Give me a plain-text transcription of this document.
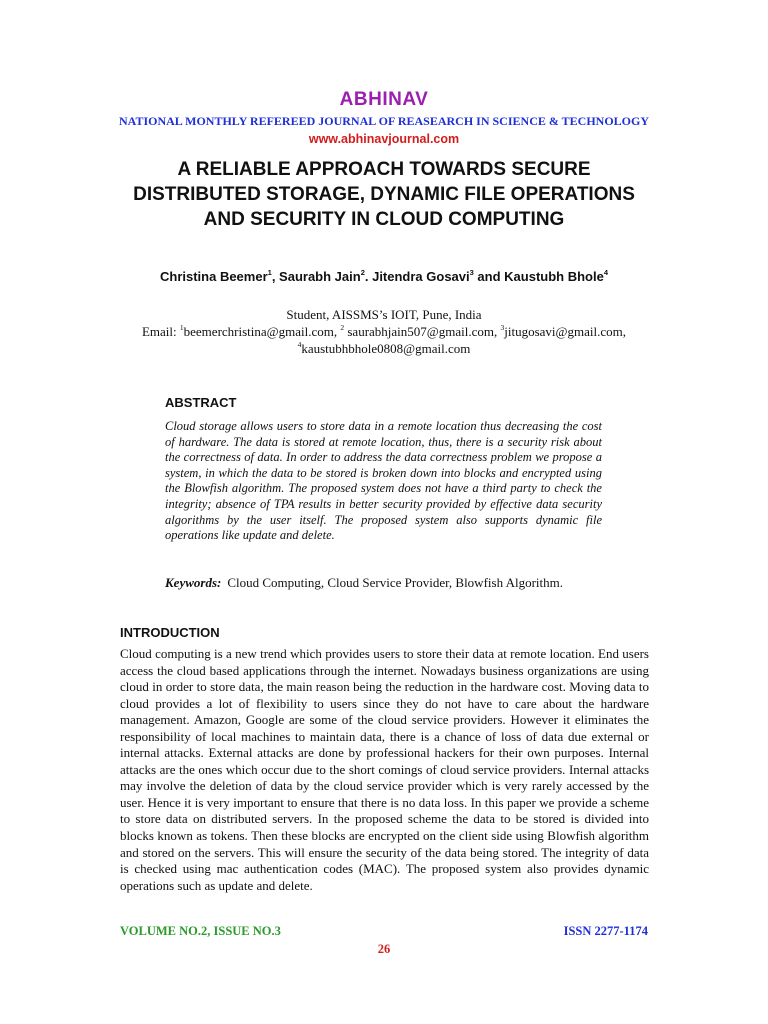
ABHINAV
NATIONAL MONTHLY REFEREED JOURNAL OF REASEARCH IN SCIENCE & TECHNOLOGY
www.abhinavjournal.com
A RELIABLE APPROACH TOWARDS SECURE DISTRIBUTED STORAGE, DYNAMIC FILE OPERATIONS AND SECURITY IN CLOUD COMPUTING
Christina Beemer$^1$, Saurabh Jain$^2$. Jitendra Gosavi$^3$ and Kaustubh Bhole$^4$
Student, AISSMS’s IOIT, Pune, India
Email: $^1$beemerchristina@gmail.com, $^2$ saurabhjain507@gmail.com, $^3$jitugosavi@gmail.com,
$^4$kaustubhbhole0808@gmail.com
ABSTRACT
Cloud storage allows users to store data in a remote location thus decreasing the cost of hardware. The data is stored at remote location, thus, there is a security risk about the correctness of data. In order to address the data correctness problem we propose a system, in which the data to be stored is broken down into blocks and encrypted using the Blowfish algorithm. The proposed system does not have a third party to check the integrity; absence of TPA results in better security provided by effective data security algorithms by the user itself. The proposed system also supports dynamic file operations like update and delete.
Keywords: Cloud Computing, Cloud Service Provider, Blowfish Algorithm.
INTRODUCTION
Cloud computing is a new trend which provides users to store their data at remote location. End users access the cloud based applications through the internet. Nowadays business organizations are using cloud in order to store data, the main reason being the reduction in the hardware cost. Moving data to cloud provides a lot of flexibility to users since they do not have to care about the hardware management. Amazon, Google are some of the cloud service providers. However it eliminates the responsibility of local machines to maintain data, there is a chance of loss of data due external or internal attacks. External attacks are done by professional hackers for their own purposes. Internal attacks are the ones which occur due to the short comings of cloud service providers. Internal attacks may involve the deletion of data by the cloud service provider which is very rarely accessed by the user. Hence it is very important to ensure that there is no data loss. In this paper we provide a scheme to store data on distributed servers. In the proposed scheme the data to be stored is divided into blocks known as tokens. Then these blocks are encrypted on the client side using Blowfish algorithm and stored on the servers. This will ensure the security of the data being stored. The integrity of data is checked using mac authentication codes (MAC). The proposed system also provides dynamic operations such as update and delete.
VOLUME NO.2, ISSUE NO.3	ISSN 2277-1174
26
